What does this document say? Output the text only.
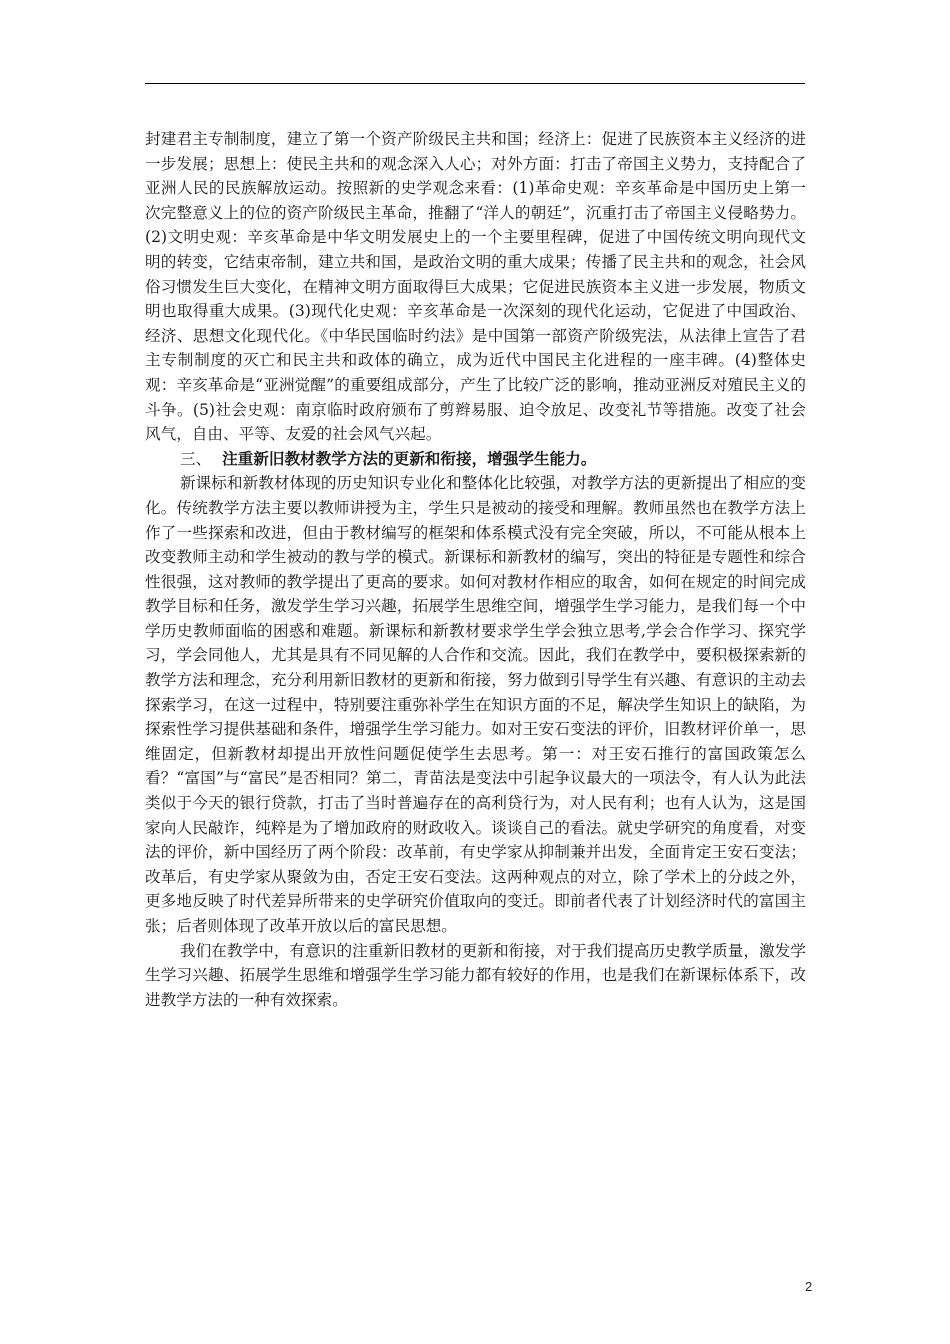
封建君主专制制度，建立了第一个资产阶级民主共和国；经济上：促进了民族资本主义经济的进一步发展；思想上：使民主共和的观念深入人心；对外方面：打击了帝国主义势力，支持配合了亚洲人民的民族解放运动。按照新的史学观念来看：(1)革命史观：辛亥革命是中国历史上第一次完整意义上的位的资产阶级民主革命，推翻了“洋人的朝廷”，沉重打击了帝国主义侵略势力。(2)文明史观：辛亥革命是中华文明发展史上的一个主要里程碑，促进了中国传统文明向现代文明的转变，它结束帝制，建立共和国，是政治文明的重大成果；传播了民主共和的观念，社会风俗习惯发生巨大变化，在精神文明方面取得巨大成果；它促进民族资本主义进一步发展，物质文明也取得重大成果。(3)现代化史观：辛亥革命是一次深刻的现代化运动，它促进了中国政治、经济、思想文化现代化。《中华民国临时约法》是中国第一部资产阶级宪法，从法律上宣告了君主专制制度的灭亡和民主共和政体的确立，成为近代中国民主化进程的一座丰碑。(4)整体史观：辛亥革命是“亚洲觉醒”的重要组成部分，产生了比较广泛的影响，推动亚洲反对殖民主义的斗争。(5)社会史观：南京临时政府颁布了剪辫易服、迫令放足、改变礼节等措施。改变了社会风气，自由、平等、友爱的社会风气兴起。

三、 注重新旧教材教学方法的更新和衔接，增强学生能力。

新课标和新教材体现的历史知识专业化和整体化比较强，对教学方法的更新提出了相应的变化。传统教学方法主要以教师讲授为主，学生只是被动的接受和理解。教师虽然也在教学方法上作了一些探索和改进，但由于教材编写的框架和体系模式没有完全突破，所以，不可能从根本上改变教师主动和学生被动的教与学的模式。新课标和新教材的编写，突出的特征是专题性和综合性很强，这对教师的教学提出了更高的要求。如何对教材作相应的取舍，如何在规定的时间完成教学目标和任务，激发学生学习兴趣，拓展学生思维空间，增强学生学习能力，是我们每一个中学历史教师面临的困惑和难题。新课标和新教材要求学生学会独立思考,学会合作学习、探究学习，学会同他人，尤其是具有不同见解的人合作和交流。因此，我们在教学中，要积极探索新的教学方法和理念，充分利用新旧教材的更新和衔接，努力做到引导学生有兴趣、有意识的主动去探索学习，在这一过程中，特别要注重弥补学生在知识方面的不足，解决学生知识上的缺陷，为探索性学习提供基础和条件，增强学生学习能力。如对王安石变法的评价，旧教材评价单一，思维固定，但新教材却提出开放性问题促使学生去思考。第一：对王安石推行的富国政策怎么看？“富国”与“富民”是否相同？第二，青苗法是变法中引起争议最大的一项法令，有人认为此法类似于今天的银行贷款，打击了当时普遍存在的高利贷行为，对人民有利；也有人认为，这是国家向人民敲诈，纯粹是为了增加政府的财政收入。谈谈自己的看法。就史学研究的角度看，对变法的评价，新中国经历了两个阶段：改革前，有史学家从抑制兼并出发，全面肯定王安石变法；改革后，有史学家从聚敛为由，否定王安石变法。这两种观点的对立，除了学术上的分歧之外，更多地反映了时代差异所带来的史学研究价值取向的变迁。即前者代表了计划经济时代的富国主张；后者则体现了改革开放以后的富民思想。

我们在教学中，有意识的注重新旧教材的更新和衔接，对于我们提高历史教学质量，激发学生学习兴趣、拓展学生思维和增强学生学习能力都有较好的作用，也是我们在新课标体系下，改进教学方法的一种有效探索。

2
